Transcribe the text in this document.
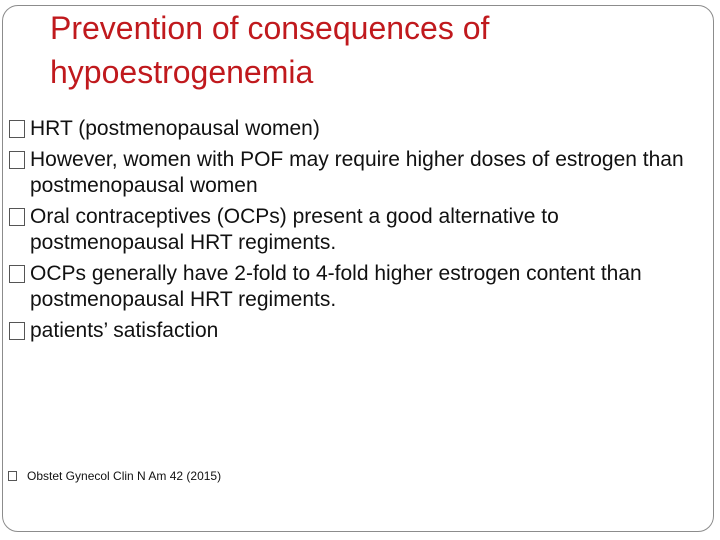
Prevention of consequences of hypoestrogenemia
HRT (postmenopausal women)
However, women with POF may require higher doses of estrogen than postmenopausal women
Oral contraceptives (OCPs) present a good alternative to postmenopausal HRT regiments.
OCPs generally have 2-fold to 4-fold higher estrogen content than postmenopausal HRT regiments.
patients’ satisfaction
Obstet Gynecol Clin N Am 42 (2015)
